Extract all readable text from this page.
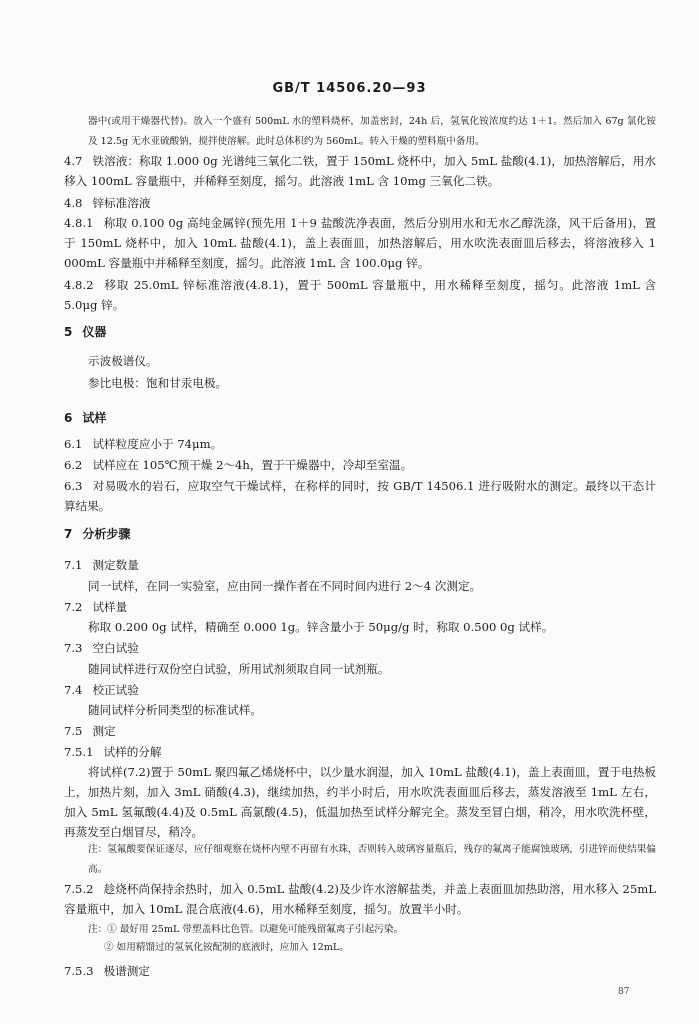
GB/T 14506.20—93
器中(或用干燥器代替)。放入一个盛有 500mL 水的塑料烧杯，加盖密封，24h 后，氢氧化铵浓度约达 1＋1。然后加入 67g 氯化铵及 12.5g 无水亚硫酸钠，搅拌使溶解。此时总体积约为 560mL。转入干燥的塑料瓶中备用。
4.7 铁溶液：称取 1.000 0g 光谱纯三氧化二铁，置于 150mL 烧杯中，加入 5mL 盐酸(4.1)，加热溶解后，用水移入 100mL 容量瓶中，并稀释至刻度，摇匀。此溶液 1mL 含 10mg 三氧化二铁。
4.8 锌标准溶液
4.8.1 称取 0.100 0g 高纯金属锌(预先用 1＋9 盐酸洗净表面，然后分别用水和无水乙醇洗涤，风干后备用)，置于 150mL 烧杯中，加入 10mL 盐酸(4.1)，盖上表面皿，加热溶解后，用水吹洗表面皿后移去，将溶液移入 1 000mL 容量瓶中并稀释至刻度，摇匀。此溶液 1mL 含 100.0μg 锌。
4.8.2 移取 25.0mL 锌标准溶液(4.8.1)，置于 500mL 容量瓶中，用水稀释至刻度，摇匀。此溶液 1mL 含 5.0μg 锌。
5 仪器
示波极谱仪。
参比电极：饱和甘汞电极。
6 试样
6.1 试样粒度应小于 74μm。
6.2 试样应在 105℃预干燥 2～4h，置于干燥器中，冷却至室温。
6.3 对易吸水的岩石，应取空气干燥试样，在称样的同时，按 GB/T 14506.1 进行吸附水的测定。最终以干态计算结果。
7 分析步骤
7.1 测定数量
同一试样，在同一实验室，应由同一操作者在不同时间内进行 2～4 次测定。
7.2 试样量
称取 0.200 0g 试样，精确至 0.000 1g。锌含量小于 50μg/g 时，称取 0.500 0g 试样。
7.3 空白试验
随同试样进行双份空白试验，所用试剂须取自同一试剂瓶。
7.4 校正试验
随同试样分析同类型的标准试样。
7.5 测定
7.5.1 试样的分解
将试样(7.2)置于 50mL 聚四氟乙烯烧杯中，以少量水润湿，加入 10mL 盐酸(4.1)，盖上表面皿，置于电热板上，加热片刻，加入 3mL 硝酸(4.3)，继续加热，约半小时后，用水吹洗表面皿后移去，蒸发溶液至 1mL 左右，加入 5mL 氢氟酸(4.4)及 0.5mL 高氯酸(4.5)，低温加热至试样分解完全。蒸发至冒白烟，稍冷，用水吹洗杯壁，再蒸发至白烟冒尽，稍冷。
注：氢氟酸要保证逐尽，应仔细观察在烧杯内壁不再留有水珠，否则转入玻璃容量瓶后，残存的氟离子能腐蚀玻璃，引进锌而使结果偏高。
7.5.2 趁烧杯尚保持余热时，加入 0.5mL 盐酸(4.2)及少许水溶解盐类，并盖上表面皿加热助溶，用水移入 25mL 容量瓶中，加入 10mL 混合底液(4.6)，用水稀释至刻度，摇匀。放置半小时。
注：① 最好用 25mL 带塑盖料比色管。以避免可能残留氟离子引起污染。
② 如用精馏过的氢氧化铵配制的底液时，应加入 12mL。
7.5.3 极谱测定
87
